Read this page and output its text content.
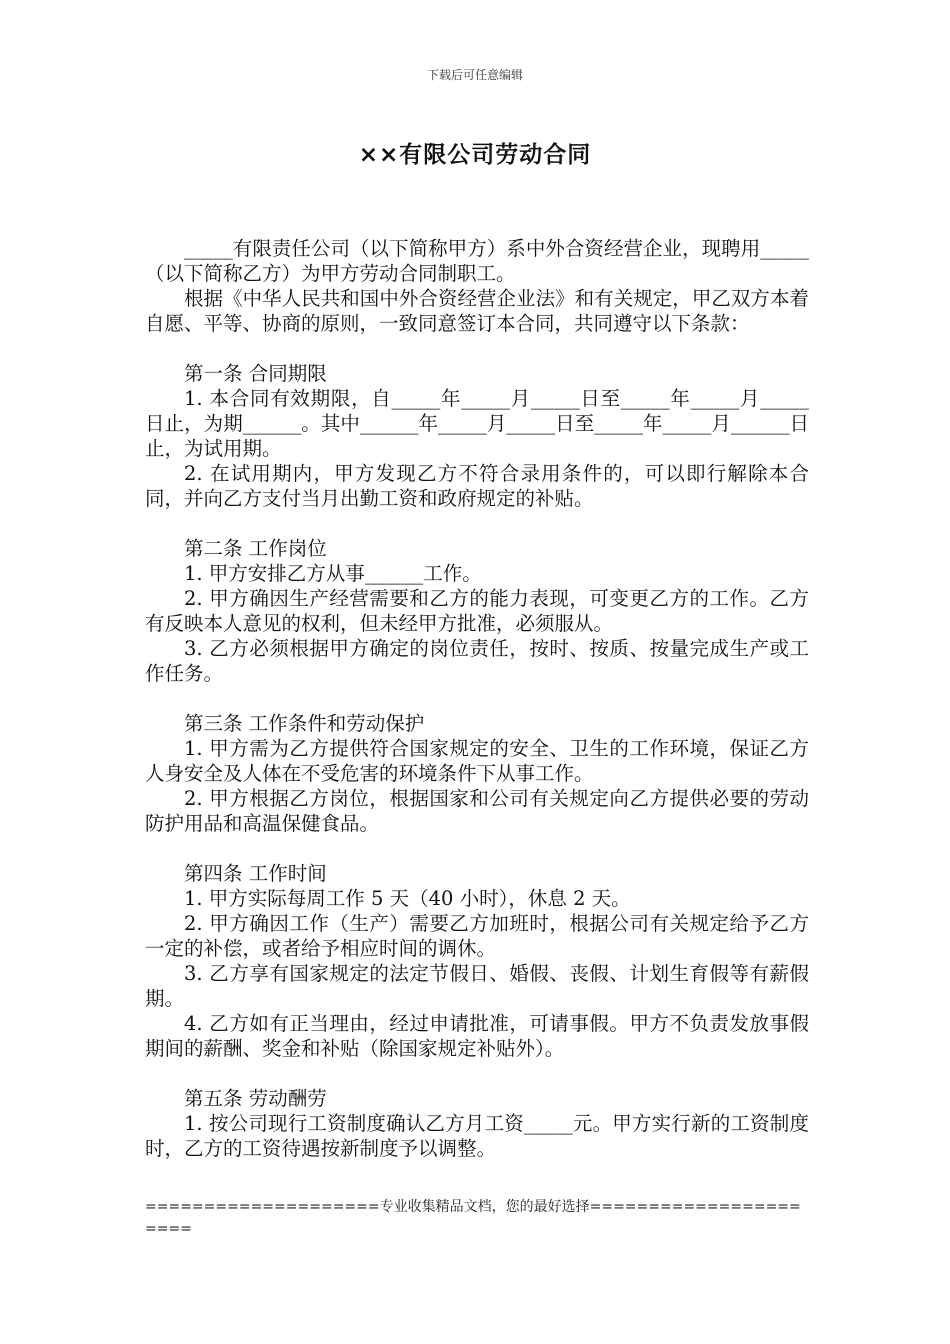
下载后可任意编辑
××有限公司劳动合同

_____有限责任公司（以下简称甲方）系中外合资经营企业，现聘用_____（以下简称乙方）为甲方劳动合同制职工。

根据《中华人民共和国中外合资经营企业法》和有关规定，甲乙双方本着自愿、平等、协商的原则，一致同意签订本合同，共同遵守以下条款：

第一条 合同期限

1. 本合同有效期限，自_____年_____月_____日至_____年_____月_____日止，为期______。其中______年_____月_____日至_____年_____月______日止，为试用期。

2. 在试用期内，甲方发现乙方不符合录用条件的，可以即行解除本合同，并向乙方支付当月出勤工资和政府规定的补贴。

第二条 工作岗位

1. 甲方安排乙方从事______工作。

2. 甲方确因生产经营需要和乙方的能力表现，可变更乙方的工作。乙方有反映本人意见的权利，但未经甲方批准，必须服从。

3. 乙方必须根据甲方确定的岗位责任，按时、按质、按量完成生产或工作任务。

第三条 工作条件和劳动保护

1. 甲方需为乙方提供符合国家规定的安全、卫生的工作环境，保证乙方人身安全及人体在不受危害的环境条件下从事工作。

2. 甲方根据乙方岗位，根据国家和公司有关规定向乙方提供必要的劳动防护用品和高温保健食品。

第四条 工作时间

1. 甲方实际每周工作 5 天（40 小时），休息 2 天。

2. 甲方确因工作（生产）需要乙方加班时，根据公司有关规定给予乙方一定的补偿，或者给予相应时间的调休。

3. 乙方享有国家规定的法定节假日、婚假、丧假、计划生育假等有薪假期。

4. 乙方如有正当理由，经过申请批准，可请事假。甲方不负责发放事假期间的薪酬、奖金和补贴（除国家规定补贴外）。

第五条 劳动酬劳

1. 按公司现行工资制度确认乙方月工资_____元。甲方实行新的工资制度时，乙方的工资待遇按新制度予以调整。

====================专业收集精品文档，您的最好选择======================
